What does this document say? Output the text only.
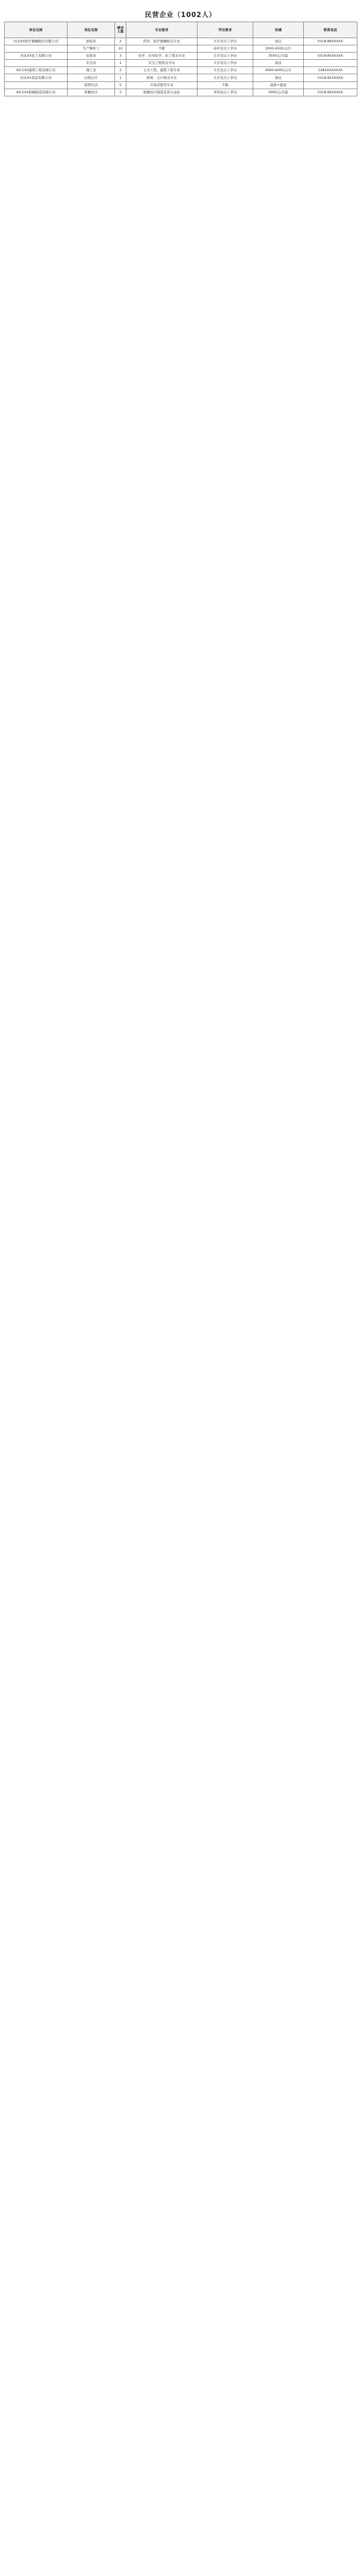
民营企业（1002人）
单位名称	岗位名称	需求人数	专业要求	学历要求	待遇	联系电话
河北XX医疗器械股份有限公司	质检员	2	药学、医疗器械相关专业	大专及以上学历	面议	0318-88XXXXX
	生产操作工	10	不限	高中及以上学历	3000-4500元/月	
河北XX化工有限公司	化验员	3	化学、应用化学、化工相关专业	大专及以上学历	3500元/月起	0318-85XXXXX
	安全员	1	安全工程相关专业	大专及以上学历	面议	
XX市XX建筑工程有限公司	施工员	2	土木工程、建筑工程专业	大专及以上学历	4000-6000元/月	138XXXXXXXX
河北XX食品有限公司	出纳会计	1	财务、会计相关专业	大专及以上学历	面议	0318-82XXXXX
	销售代表	5	市场营销等专业	不限	底薪+提成	
XX市XX机械制造有限公司	机械设计	2	机械设计制造及其自动化	本科及以上学历	5000元/月起	0318-86XXXXX
